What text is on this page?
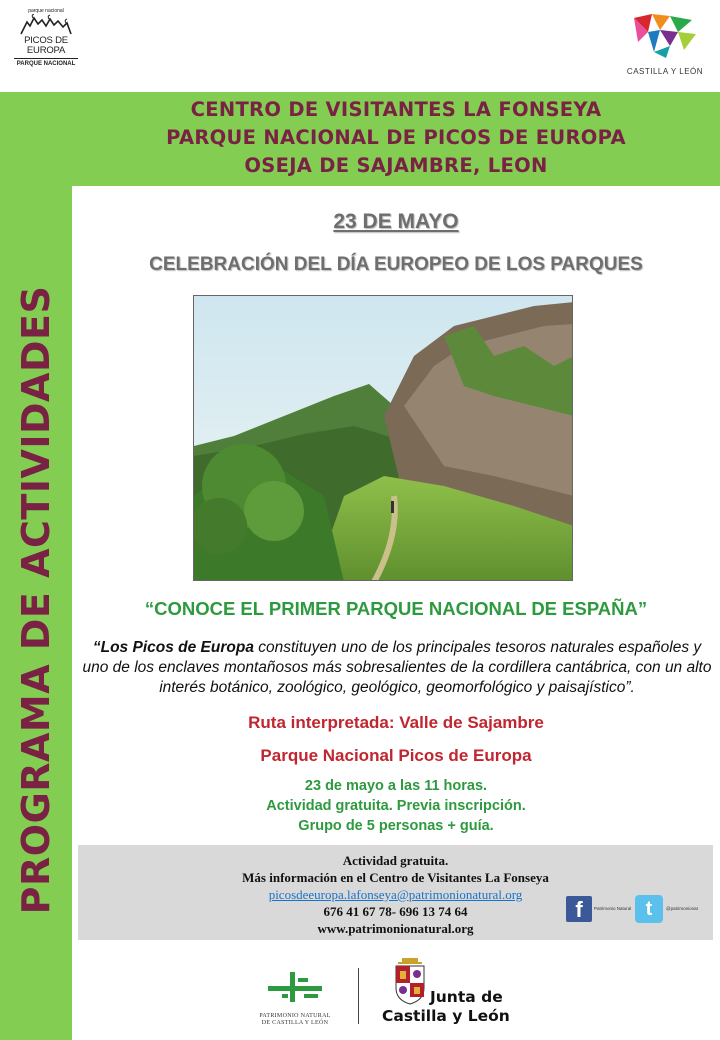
parque nacional
PICOS DE
EUROPA
PARQUE NACIONAL
CASTILLA Y LEÓN
CENTRO DE VISITANTES LA FONSEYA
PARQUE NACIONAL DE PICOS DE EUROPA
OSEJA DE SAJAMBRE, LEON
PROGRAMA DE ACTIVIDADES
23 DE MAYO
CELEBRACIÓN DEL DÍA EUROPEO DE LOS PARQUES
“CONOCE EL PRIMER PARQUE NACIONAL DE ESPAÑA”
“Los Picos de Europa constituyen uno de los principales tesoros naturales españoles y uno de los enclaves montañosos más sobresalientes de la cordillera cantábrica, con un alto interés botánico, zoológico, geológico, geomorfológico y paisajístico”.
Ruta interpretada: Valle de Sajambre
Parque Nacional Picos de Europa
23 de mayo a las 11 horas.
Actividad gratuita. Previa inscripción.
Grupo de 5 personas + guía.
Actividad gratuita.
Más información en el Centro de Visitantes La Fonseya
picosdeeuropa.lafonseya@patrimonionatural.org
676 41 67 78- 696 13 74 64
www.patrimonionatural.org
f	Patrimonio Natural t	@patrimonionat
PATRIMONIO NATURAL
DE CASTILLA Y LEÓN
Junta de
Castilla y León
